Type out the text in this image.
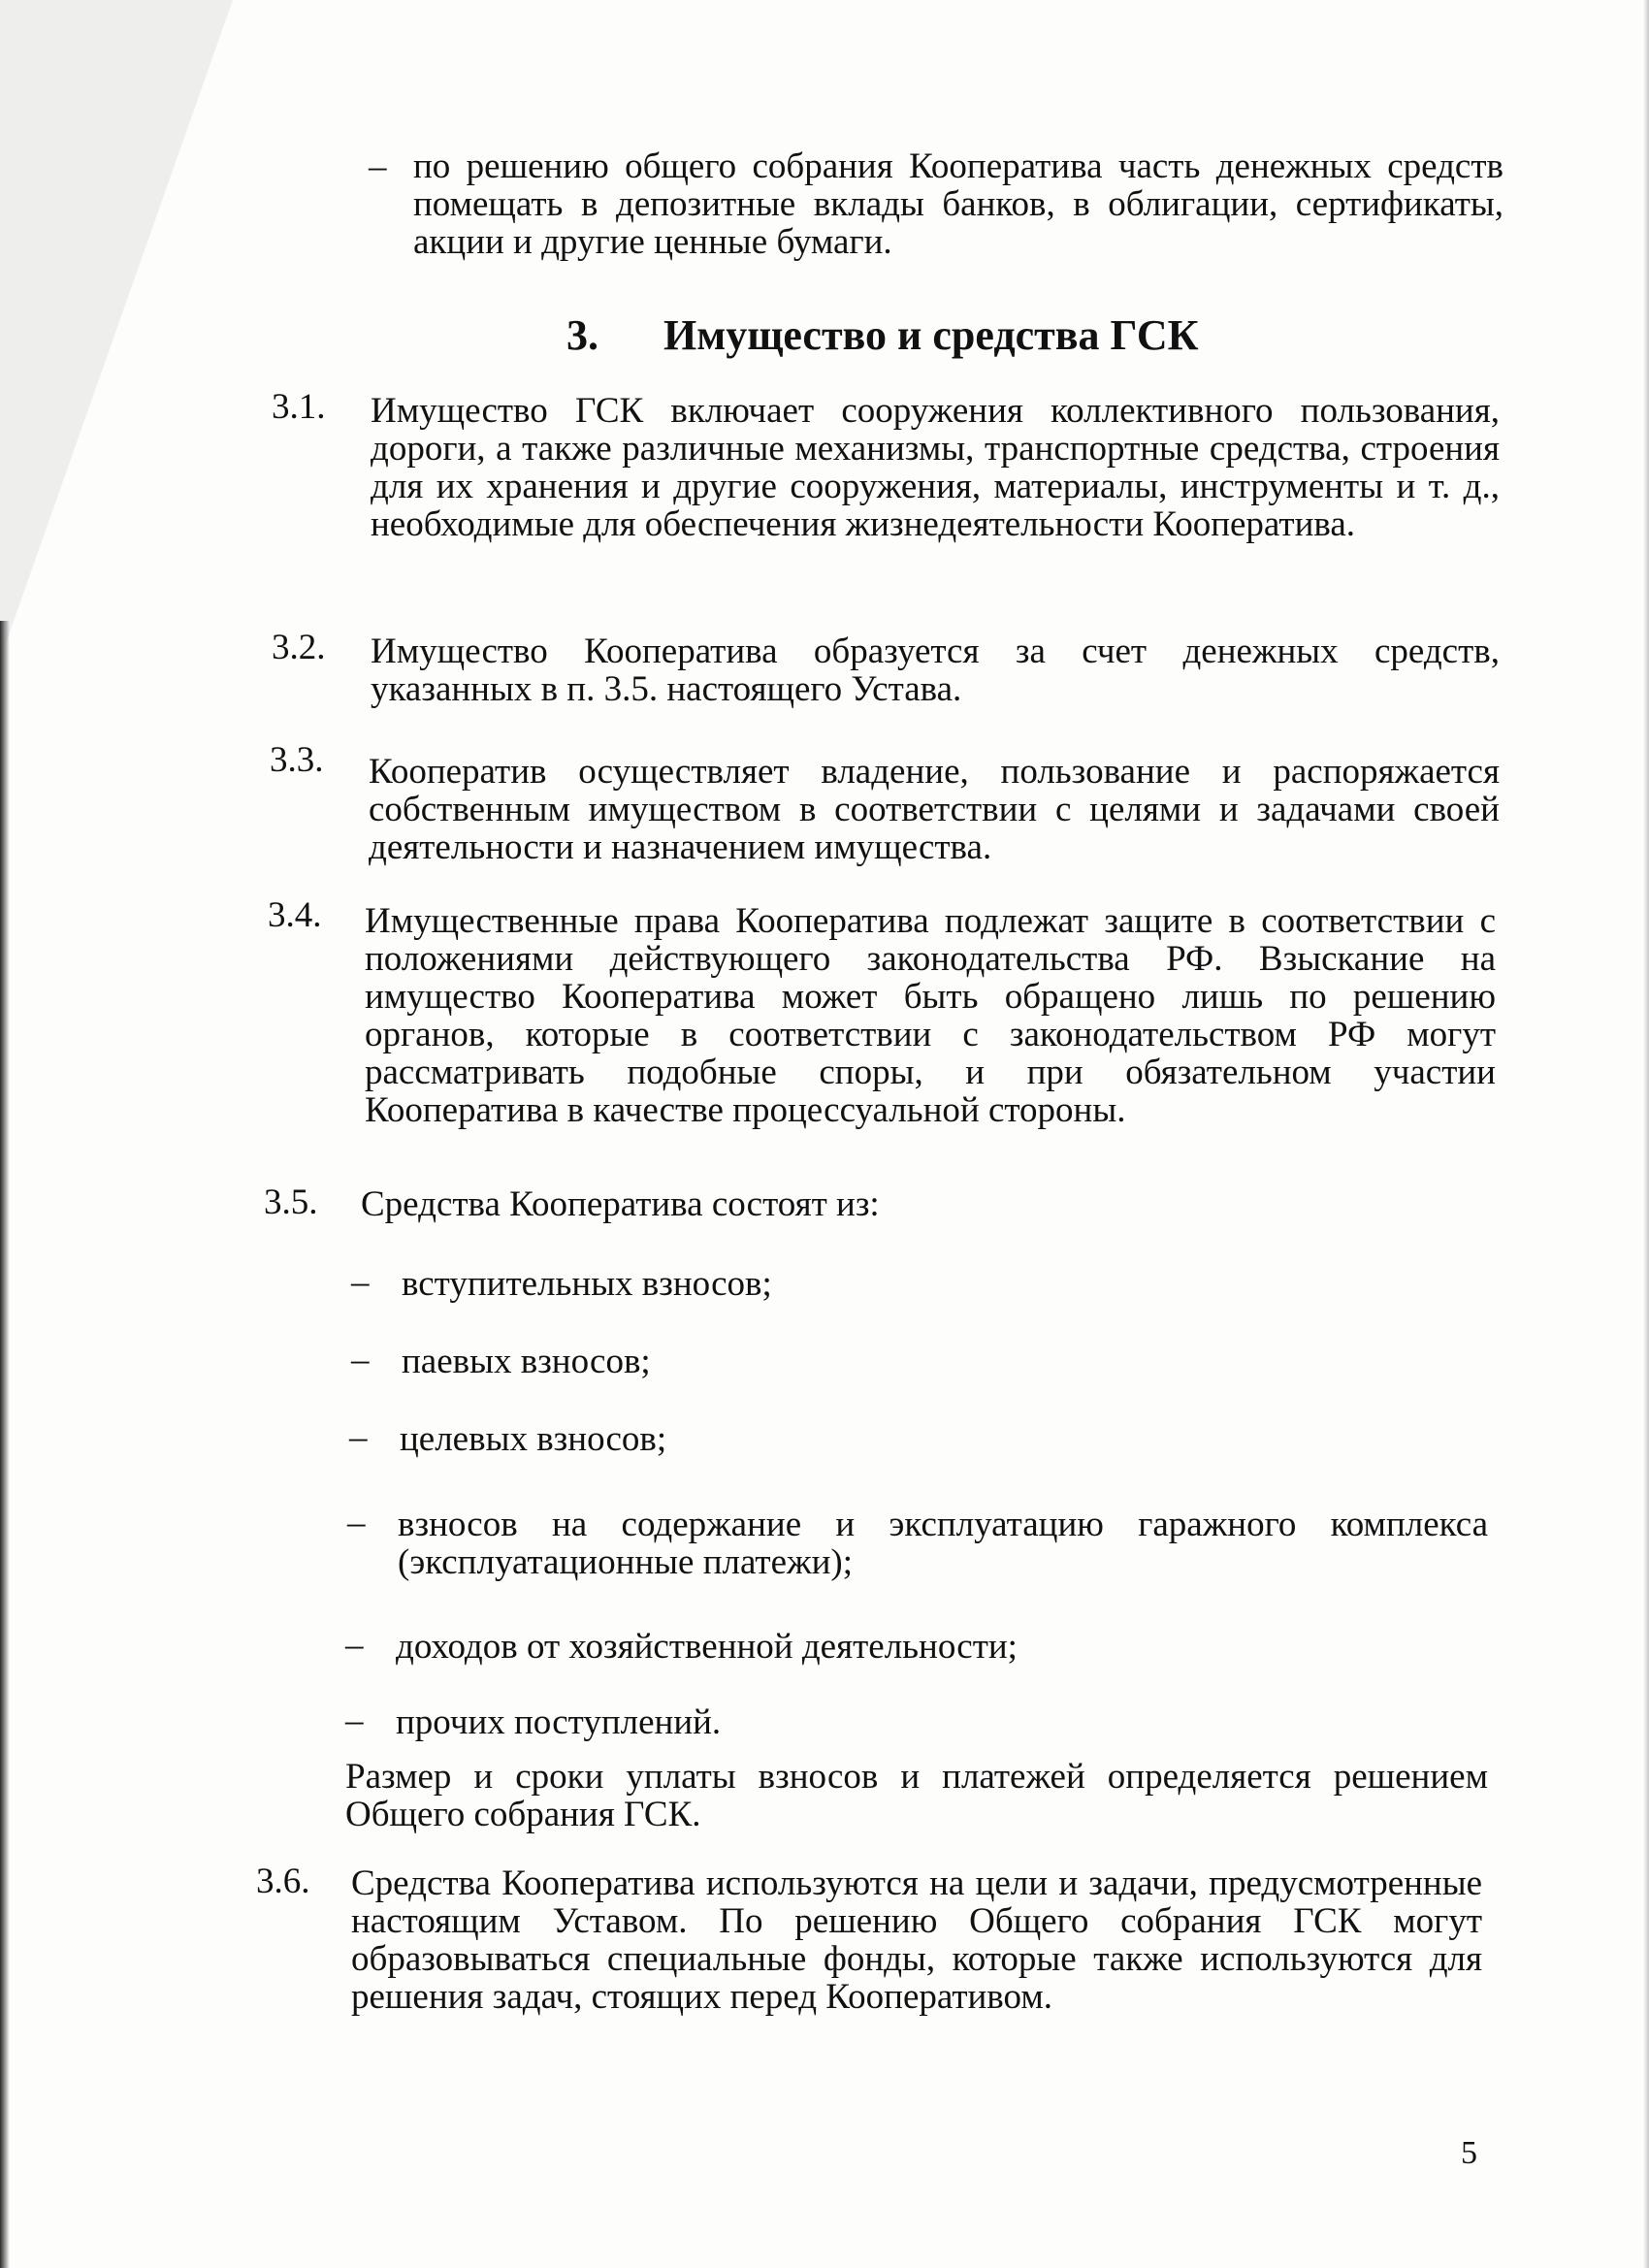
– по решению общего собрания Кооператива часть денежных средств помещать в депозитные вклады банков, в облигации, сертификаты, акции и другие ценные бумаги.
3. Имущество и средства ГСК
3.1. Имущество ГСК включает сооружения коллективного пользования, дороги, а также различные механизмы, транспортные средства, строения для их хранения и другие сооружения, материалы, инструменты и т. д., необходимые для обеспечения жизнедеятельности Кооператива.
3.2. Имущество Кооператива образуется за счет денежных средств, указанных в п. 3.5. настоящего Устава.
3.3. Кооператив осуществляет владение, пользование и распоряжается собственным имуществом в соответствии с целями и задачами своей деятельности и назначением имущества.
3.4. Имущественные права Кооператива подлежат защите в соответствии с положениями действующего законодательства РФ. Взыскание на имущество Кооператива может быть обращено лишь по решению органов, которые в соответствии с законодательством РФ могут рассматривать подобные споры, и при обязательном участии Кооператива в качестве процессуальной стороны.
3.5. Средства Кооператива состоят из:
– вступительных взносов;
– паевых взносов;
– целевых взносов;
– взносов на содержание и эксплуатацию гаражного комплекса (эксплуатационные платежи);
– доходов от хозяйственной деятельности;
– прочих поступлений.
Размер и сроки уплаты взносов и платежей определяется решением Общего собрания ГСК.
3.6. Средства Кооператива используются на цели и задачи, предусмотренные настоящим Уставом. По решению Общего собрания ГСК могут образовываться специальные фонды, которые также используются для решения задач, стоящих перед Кооперативом.
5
